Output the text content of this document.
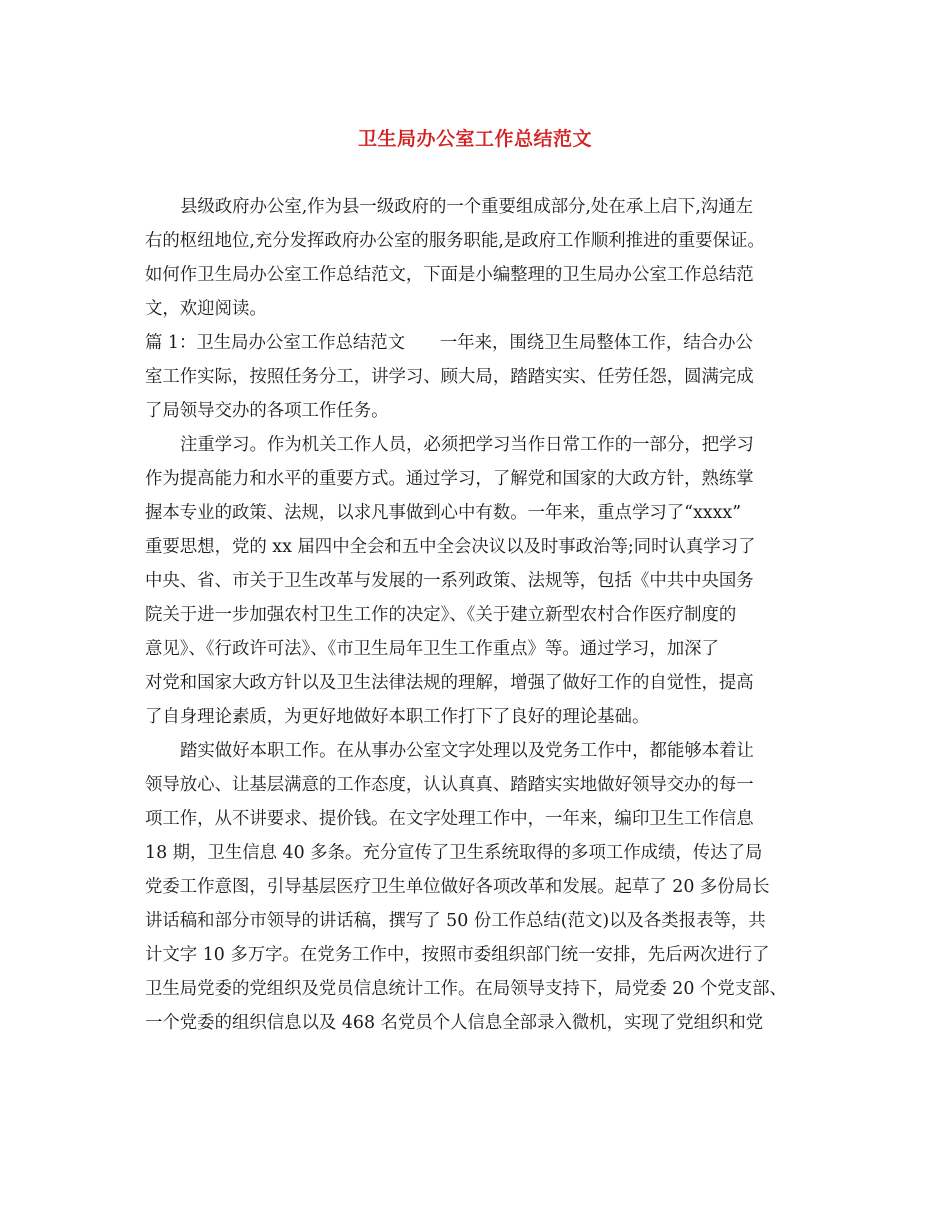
卫生局办公室工作总结范文
县级政府办公室,作为县一级政府的一个重要组成部分,处在承上启下,沟通左
右的枢纽地位,充分发挥政府办公室的服务职能,是政府工作顺利推进的重要保证。
如何作卫生局办公室工作总结范文，下面是小编整理的卫生局办公室工作总结范
文，欢迎阅读。
篇 1：卫生局办公室工作总结范文　　一年来，围绕卫生局整体工作，结合办公
室工作实际，按照任务分工，讲学习、顾大局，踏踏实实、任劳任怨，圆满完成
了局领导交办的各项工作任务。
注重学习。作为机关工作人员，必须把学习当作日常工作的一部分，把学习
作为提高能力和水平的重要方式。通过学习，了解党和国家的大政方针，熟练掌
握本专业的政策、法规，以求凡事做到心中有数。一年来，重点学习了“xxxx”
重要思想，党的 xx 届四中全会和五中全会决议以及时事政治等;同时认真学习了
中央、省、市关于卫生改革与发展的一系列政策、法规等，包括《中共中央国务
院关于进一步加强农村卫生工作的决定》、《关于建立新型农村合作医疗制度的
意见》、《行政许可法》、《市卫生局年卫生工作重点》等。通过学习，加深了
对党和国家大政方针以及卫生法律法规的理解，增强了做好工作的自觉性，提高
了自身理论素质，为更好地做好本职工作打下了良好的理论基础。
踏实做好本职工作。在从事办公室文字处理以及党务工作中，都能够本着让
领导放心、让基层满意的工作态度，认认真真、踏踏实实地做好领导交办的每一
项工作，从不讲要求、提价钱。在文字处理工作中，一年来，编印卫生工作信息
18 期，卫生信息 40 多条。充分宣传了卫生系统取得的多项工作成绩，传达了局
党委工作意图，引导基层医疗卫生单位做好各项改革和发展。起草了 20 多份局长
讲话稿和部分市领导的讲话稿，撰写了 50 份工作总结(范文)以及各类报表等，共
计文字 10 多万字。在党务工作中，按照市委组织部门统一安排，先后两次进行了
卫生局党委的党组织及党员信息统计工作。在局领导支持下，局党委 20 个党支部、
一个党委的组织信息以及 468 名党员个人信息全部录入微机，实现了党组织和党
